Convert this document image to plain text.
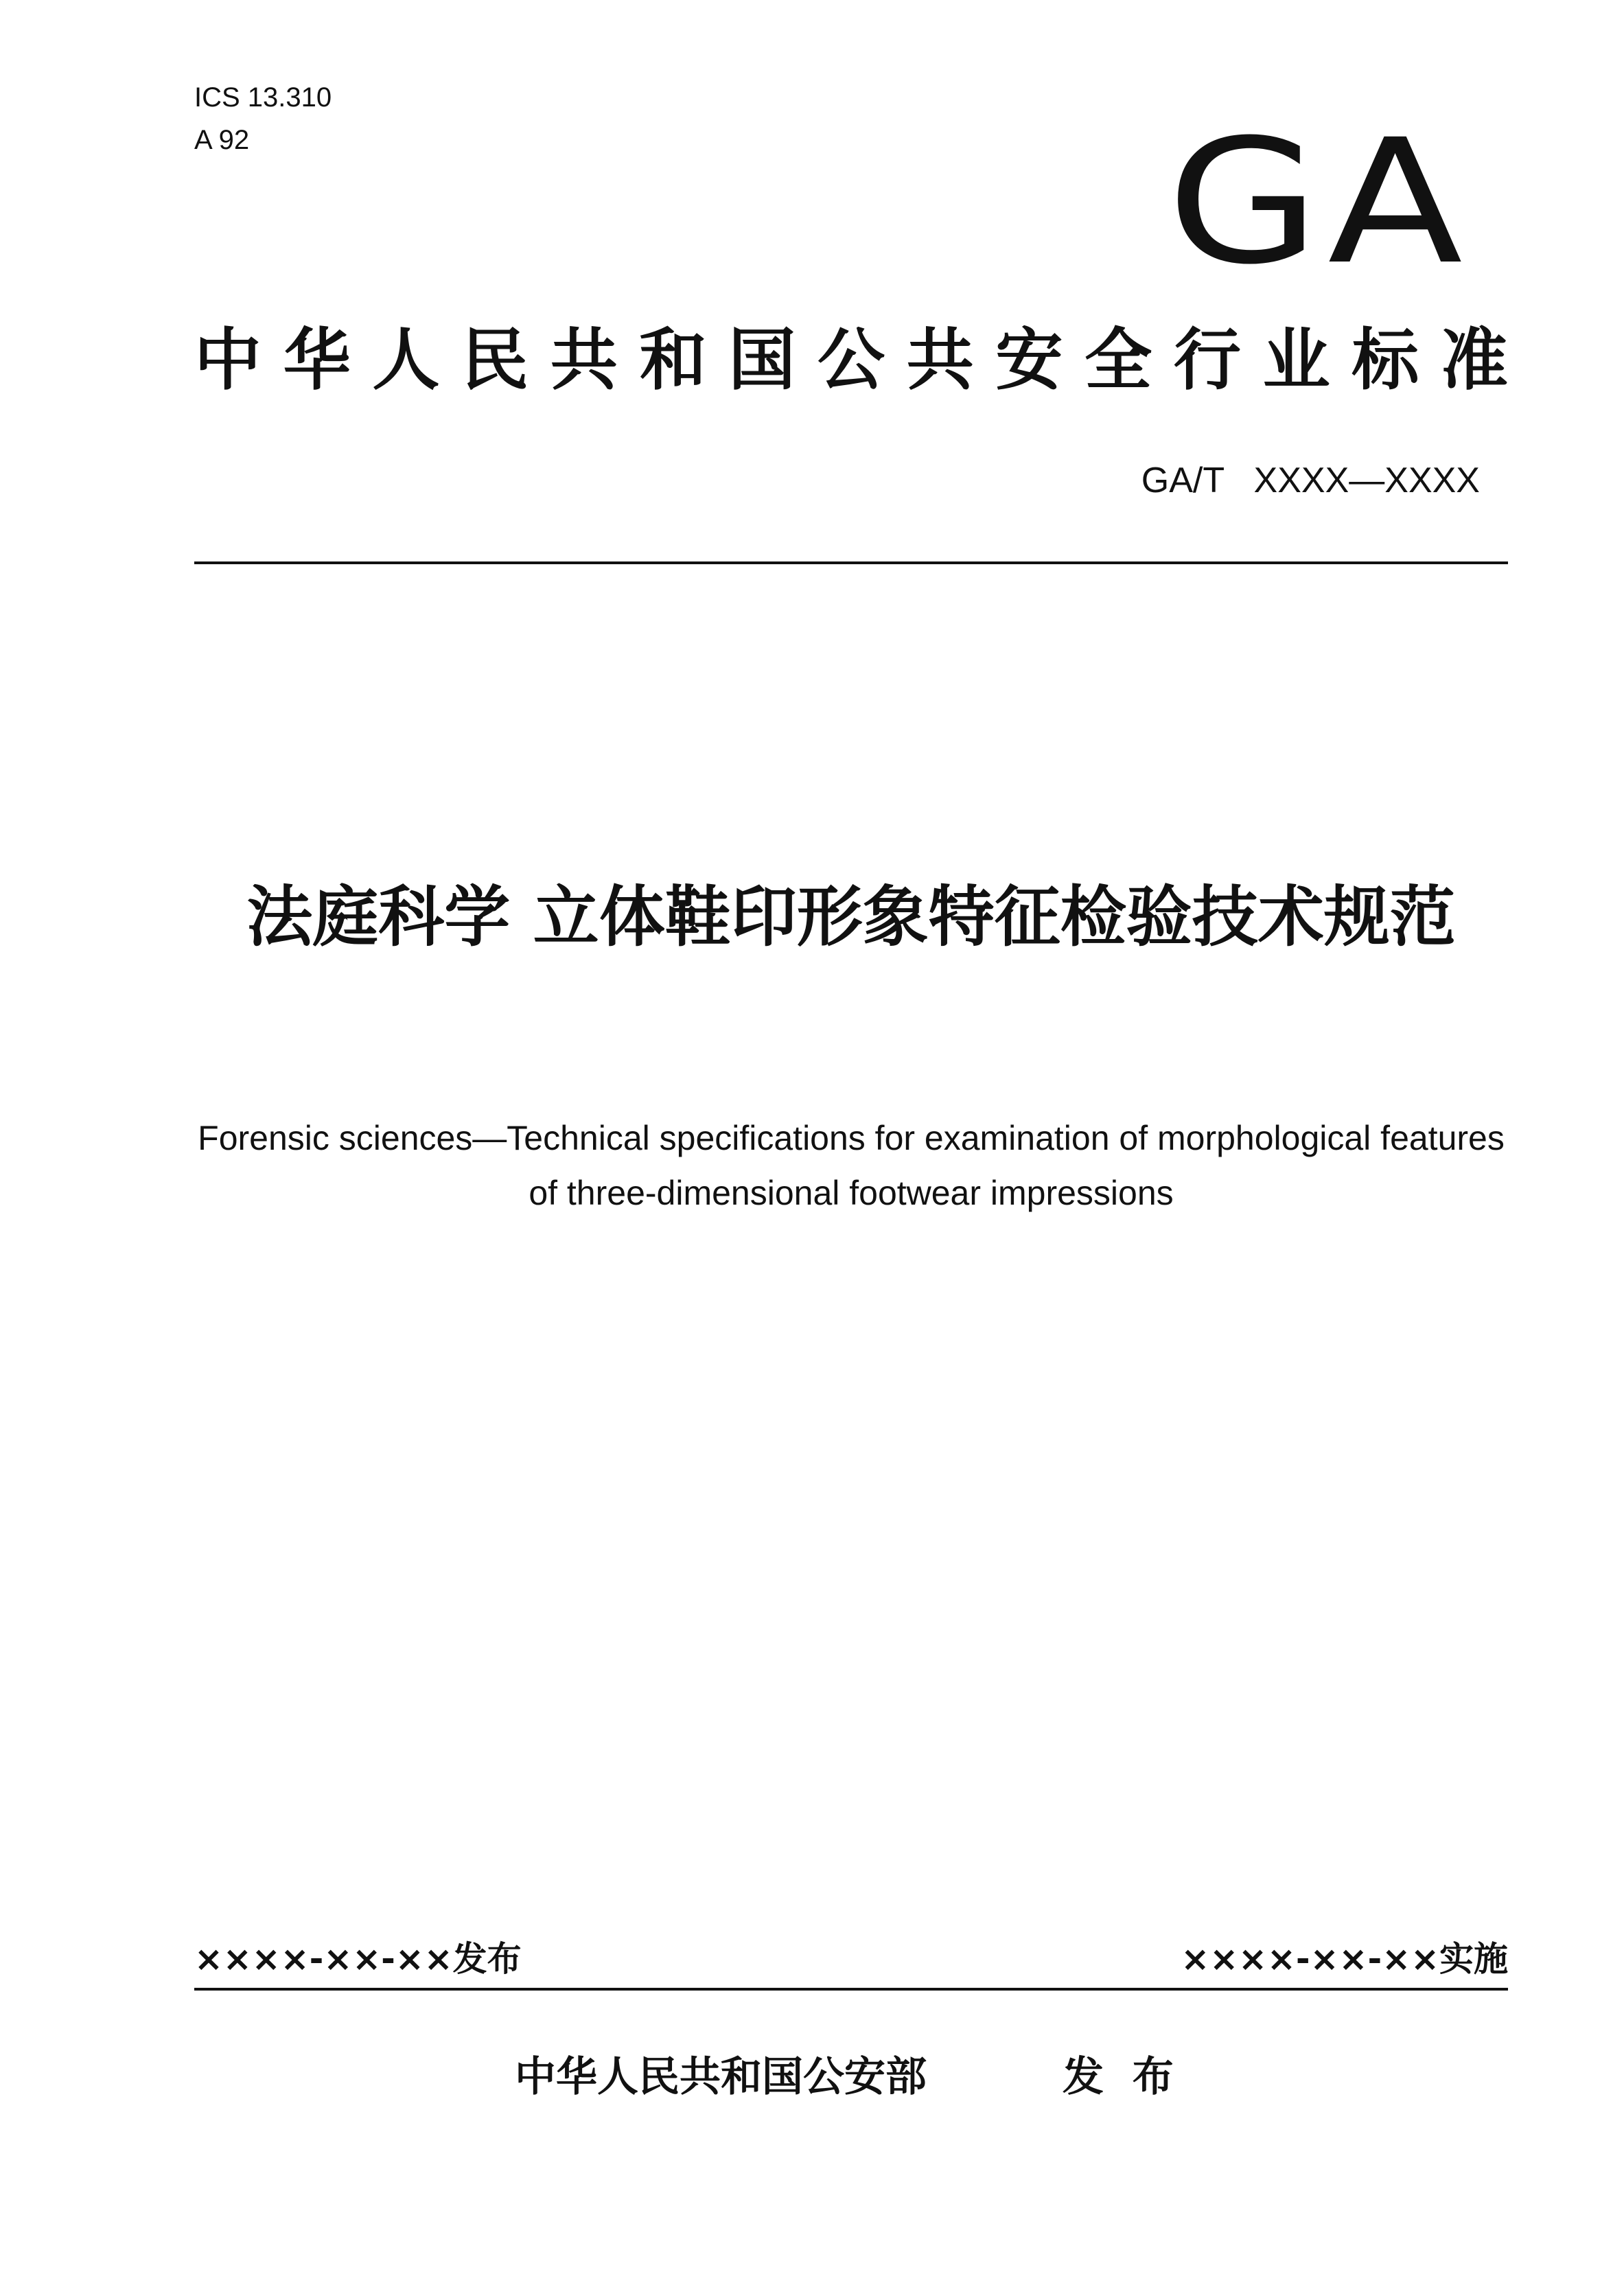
ICS 13.310
A 92	GA
中华人民共和国公共安全行业标准
GA/T   XXXX—XXXX
法庭科学 立体鞋印形象特征检验技术规范
Forensic sciences—Technical specifications for examination of morphological features of three-dimensional footwear impressions
××××-××-××发布	××××-××-××实施
中华人民共和国公安部	发  布
